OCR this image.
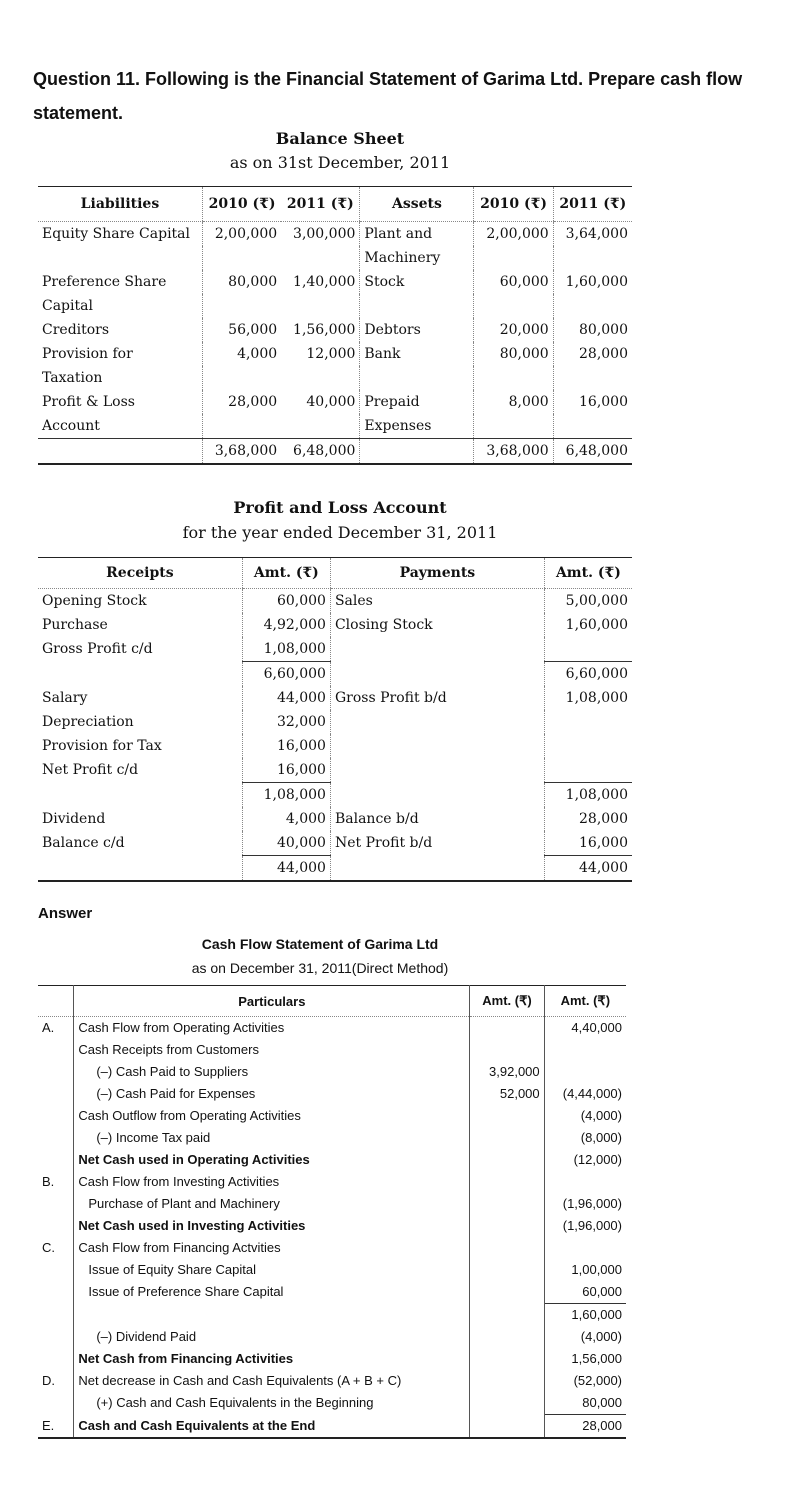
Question 11. Following is the Financial Statement of Garima Ltd. Prepare cash flow statement.
Balance Sheet
as on 31st December, 2011
Liabilities	2010 (₹)	2011 (₹)	Assets	2010 (₹)	2011 (₹)
Equity Share Capital	2,00,000	3,00,000	Plant and	2,00,000	3,64,000
			Machinery		
Preference Share	80,000	1,40,000	Stock	60,000	1,60,000
Capital					
Creditors	56,000	1,56,000	Debtors	20,000	80,000
Provision for	4,000	12,000	Bank	80,000	28,000
Taxation					
Profit & Loss	28,000	40,000	Prepaid	8,000	16,000
Account			Expenses		
	3,68,000	6,48,000		3,68,000	6,48,000
Profit and Loss Account
for the year ended December 31, 2011
Receipts	Amt. (₹)	Payments	Amt. (₹)
Opening Stock	60,000	Sales	5,00,000
Purchase	4,92,000	Closing Stock	1,60,000
Gross Profit c/d	1,08,000		
	6,60,000		6,60,000
Salary	44,000	Gross Profit b/d	1,08,000
Depreciation	32,000		
Provision for Tax	16,000		
Net Profit c/d	16,000		
	1,08,000		1,08,000
Dividend	4,000	Balance b/d	28,000
Balance c/d	40,000	Net Profit b/d	16,000
	44,000		44,000
Answer
Cash Flow Statement of Garima Ltd
as on December 31, 2011(Direct Method)
	Particulars	Amt. (₹)	Amt. (₹)
A.	Cash Flow from Operating Activities		4,40,000
	Cash Receipts from Customers		
	(–) Cash Paid to Suppliers	3,92,000	
	(–) Cash Paid for Expenses	52,000	(4,44,000)
	Cash Outflow from Operating Activities		(4,000)
	(–) Income Tax paid		(8,000)
	Net Cash used in Operating Activities		(12,000)
B.	Cash Flow from Investing Activities		
	Purchase of Plant and Machinery		(1,96,000)
	Net Cash used in Investing Activities		(1,96,000)
C.	Cash Flow from Financing Actvities		
	Issue of Equity Share Capital		1,00,000
	Issue of Preference Share Capital		60,000
			1,60,000
	(–) Dividend Paid		(4,000)
	Net Cash from Financing Activities		1,56,000
D.	Net decrease in Cash and Cash Equivalents (A + B + C)		(52,000)
	(+) Cash and Cash Equivalents in the Beginning		80,000
E.	Cash and Cash Equivalents at the End		28,000
